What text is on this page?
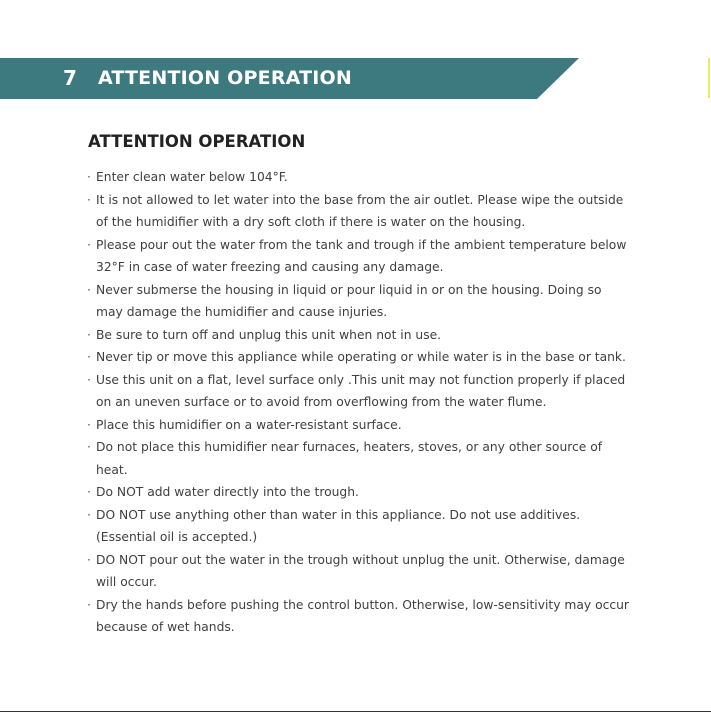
7 ATTENTION OPERATION
ATTENTION OPERATION
· Enter clean water below 104°F.
· It is not allowed to let water into the base from the air outlet. Please wipe the outside of the humidifier with a dry soft cloth if there is water on the housing.
· Please pour out the water from the tank and trough if the ambient temperature below 32°F in case of water freezing and causing any damage.
· Never submerse the housing in liquid or pour liquid in or on the housing. Doing so may damage the humidifier and cause injuries.
· Be sure to turn off and unplug this unit when not in use.
· Never tip or move this appliance while operating or while water is in the base or tank.
· Use this unit on a flat, level surface only .This unit may not function properly if placed on an uneven surface or to avoid from overflowing from the water flume.
· Place this humidifier on a water-resistant surface.
· Do not place this humidifier near furnaces, heaters, stoves, or any other source of heat.
· Do NOT add water directly into the trough.
· DO NOT use anything other than water in this appliance. Do not use additives. (Essential oil is accepted.)
· DO NOT pour out the water in the trough without unplug the unit. Otherwise, damage will occur.
· Dry the hands before pushing the control button. Otherwise, low-sensitivity may occur because of wet hands.
